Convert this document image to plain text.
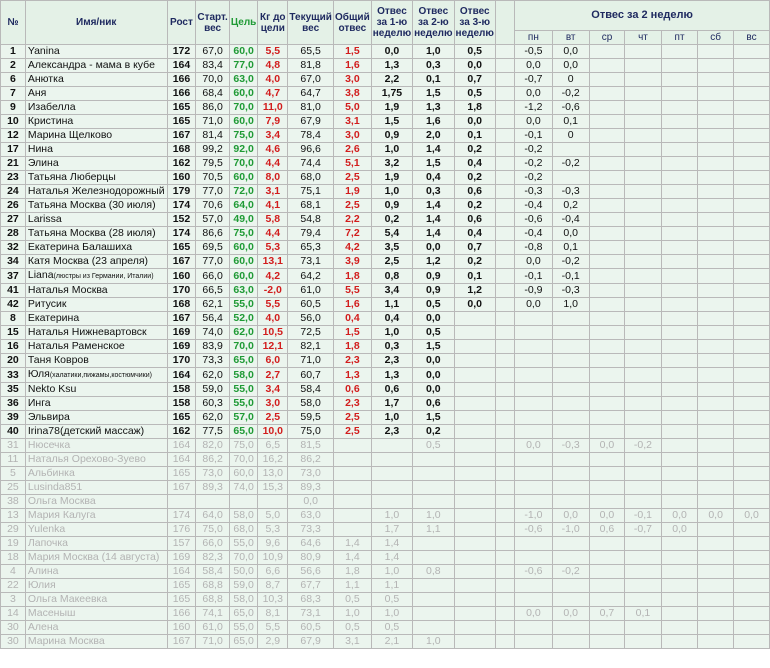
№	Имя/ник	Рост	Старт. вес	Цель	Кг до цели	Текущий вес	Общий отвес	Отвес за 1-ю неделю	Отвес за 2-ю неделю	Отвес за 3-ю неделю		Отвес за 2 неделю						
												пн	вт	ср	чт	пт	сб	вс
1	Yanina	172	67,0	60,0	5,5	65,5	1,5	0,0	1,0	0,5		-0,5	0,0					
2	Александра - мама в кубе	164	83,4	77,0	4,8	81,8	1,6	1,3	0,3	0,0		0,0	0,0					
6	Анютка	166	70,0	63,0	4,0	67,0	3,0	2,2	0,1	0,7		-0,7	0					
7	Аня	166	68,4	60,0	4,7	64,7	3,8	1,75	1,5	0,5		0,0	-0,2					
9	Изабелла	165	86,0	70,0	11,0	81,0	5,0	1,9	1,3	1,8		-1,2	-0,6					
10	Кристина	165	71,0	60,0	7,9	67,9	3,1	1,5	1,6	0,0		0,0	0,1					
12	Марина Щелково	167	81,4	75,0	3,4	78,4	3,0	0,9	2,0	0,1		-0,1	0					
17	Нина	168	99,2	92,0	4,6	96,6	2,6	1,0	1,4	0,2		-0,2						
21	Элина	162	79,5	70,0	4,4	74,4	5,1	3,2	1,5	0,4		-0,2	-0,2					
23	Татьяна Люберцы	160	70,5	60,0	8,0	68,0	2,5	1,9	0,4	0,2		-0,2						
24	Наталья Железнодорожный	179	77,0	72,0	3,1	75,1	1,9	1,0	0,3	0,6		-0,3	-0,3					
26	Татьяна Москва (30 июля)	174	70,6	64,0	4,1	68,1	2,5	0,9	1,4	0,2		-0,4	0,2					
27	Larissa	152	57,0	49,0	5,8	54,8	2,2	0,2	1,4	0,6		-0,6	-0,4					
28	Татьяна Москва (28 июля)	174	86,6	75,0	4,4	79,4	7,2	5,4	1,4	0,4		-0,4	0,0					
32	Екатерина Балашиха	165	69,5	60,0	5,3	65,3	4,2	3,5	0,0	0,7		-0,8	0,1					
34	Катя Москва (23 апреля)	167	77,0	60,0	13,1	73,1	3,9	2,5	1,2	0,2		0,0	-0,2					
37	Liana(люстры из Германии, Италии)	160	66,0	60,0	4,2	64,2	1,8	0,8	0,9	0,1		-0,1	-0,1					
41	Наталья Москва	170	66,5	63,0	-2,0	61,0	5,5	3,4	0,9	1,2		-0,9	-0,3					
42	Ритусик	168	62,1	55,0	5,5	60,5	1,6	1,1	0,5	0,0		0,0	1,0					
8	Екатерина	167	56,4	52,0	4,0	56,0	0,4	0,4	0,0									
15	Наталья Нижневартовск	169	74,0	62,0	10,5	72,5	1,5	1,0	0,5									
16	Наталья Раменское	169	83,9	70,0	12,1	82,1	1,8	0,3	1,5									
20	Таня Ковров	170	73,3	65,0	6,0	71,0	2,3	2,3	0,0									
33	Юля(халатики,пижамы,костюмчики)	164	62,0	58,0	2,7	60,7	1,3	1,3	0,0									
35	Nekto Ksu	158	59,0	55,0	3,4	58,4	0,6	0,6	0,0									
36	Инга	158	60,3	55,0	3,0	58,0	2,3	1,7	0,6									
39	Эльвира	165	62,0	57,0	2,5	59,5	2,5	1,0	1,5									
40	Irina78(детский массаж)	162	77,5	65,0	10,0	75,0	2,5	2,3	0,2									
31	Нюсечка	164	82,0	75,0	6,5	81,5			0,5			0,0	-0,3	0,0	-0,2			
11	Наталья Орехово-Зуево	164	86,2	70,0	16,2	86,2												
5	Альбинка	165	73,0	60,0	13,0	73,0												
25	Lusinda851	167	89,3	74,0	15,3	89,3												
38	Ольга Москва					0,0												
13	Мария Калуга	174	64,0	58,0	5,0	63,0		1,0	1,0			-1,0	0,0	0,0	-0,1	0,0	0,0	0,0
29	Yulenka	176	75,0	68,0	5,3	73,3		1,7	1,1			-0,6	-1,0	0,6	-0,7	0,0		
19	Лапочка	157	66,0	55,0	9,6	64,6	1,4	1,4										
18	Мария Москва (14 августа)	169	82,3	70,0	10,9	80,9	1,4	1,4										
4	Алина	164	58,4	50,0	6,6	56,6	1,8	1,0	0,8			-0,6	-0,2					
22	Юлия	165	68,8	59,0	8,7	67,7	1,1	1,1										
3	Ольга Макеевка	165	68,8	58,0	10,3	68,3	0,5	0,5										
14	Масеныш	166	74,1	65,0	8,1	73,1	1,0	1,0				0,0	0,0	0,7	0,1			
30	Алена	160	61,0	55,0	5,5	60,5	0,5	0,5										
30	Марина Москва	167	71,0	65,0	2,9	67,9	3,1	2,1	1,0									
